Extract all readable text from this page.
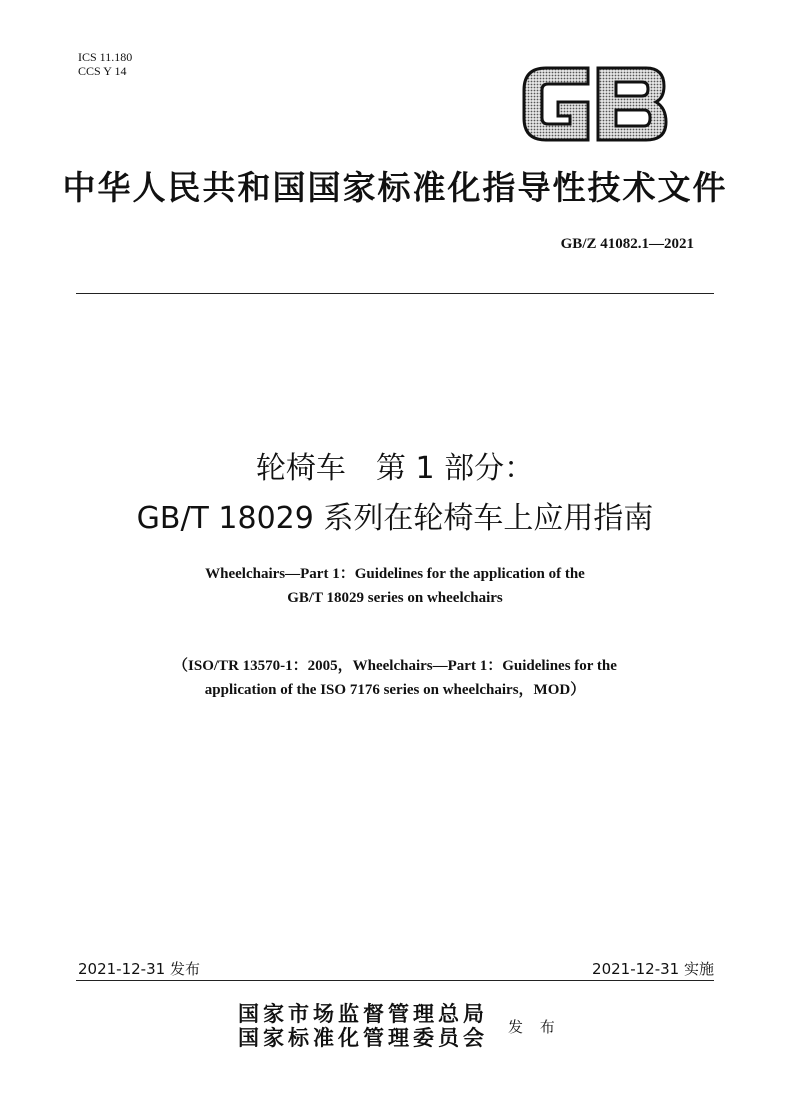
ICS 11.180
CCS Y 14
中华人民共和国国家标准化指导性技术文件
GB/Z 41082.1—2021
轮椅车　第 1 部分：
GB/T 18029 系列在轮椅车上应用指南
Wheelchairs—Part 1：Guidelines for the application of the
GB/T 18029 series on wheelchairs
（ISO/TR 13570-1：2005，Wheelchairs—Part 1：Guidelines for the
application of the ISO 7176 series on wheelchairs，MOD）
2021-12-31 发布	2021-12-31 实施
国家市场监督管理总局
国家标准化管理委员会 发 布
